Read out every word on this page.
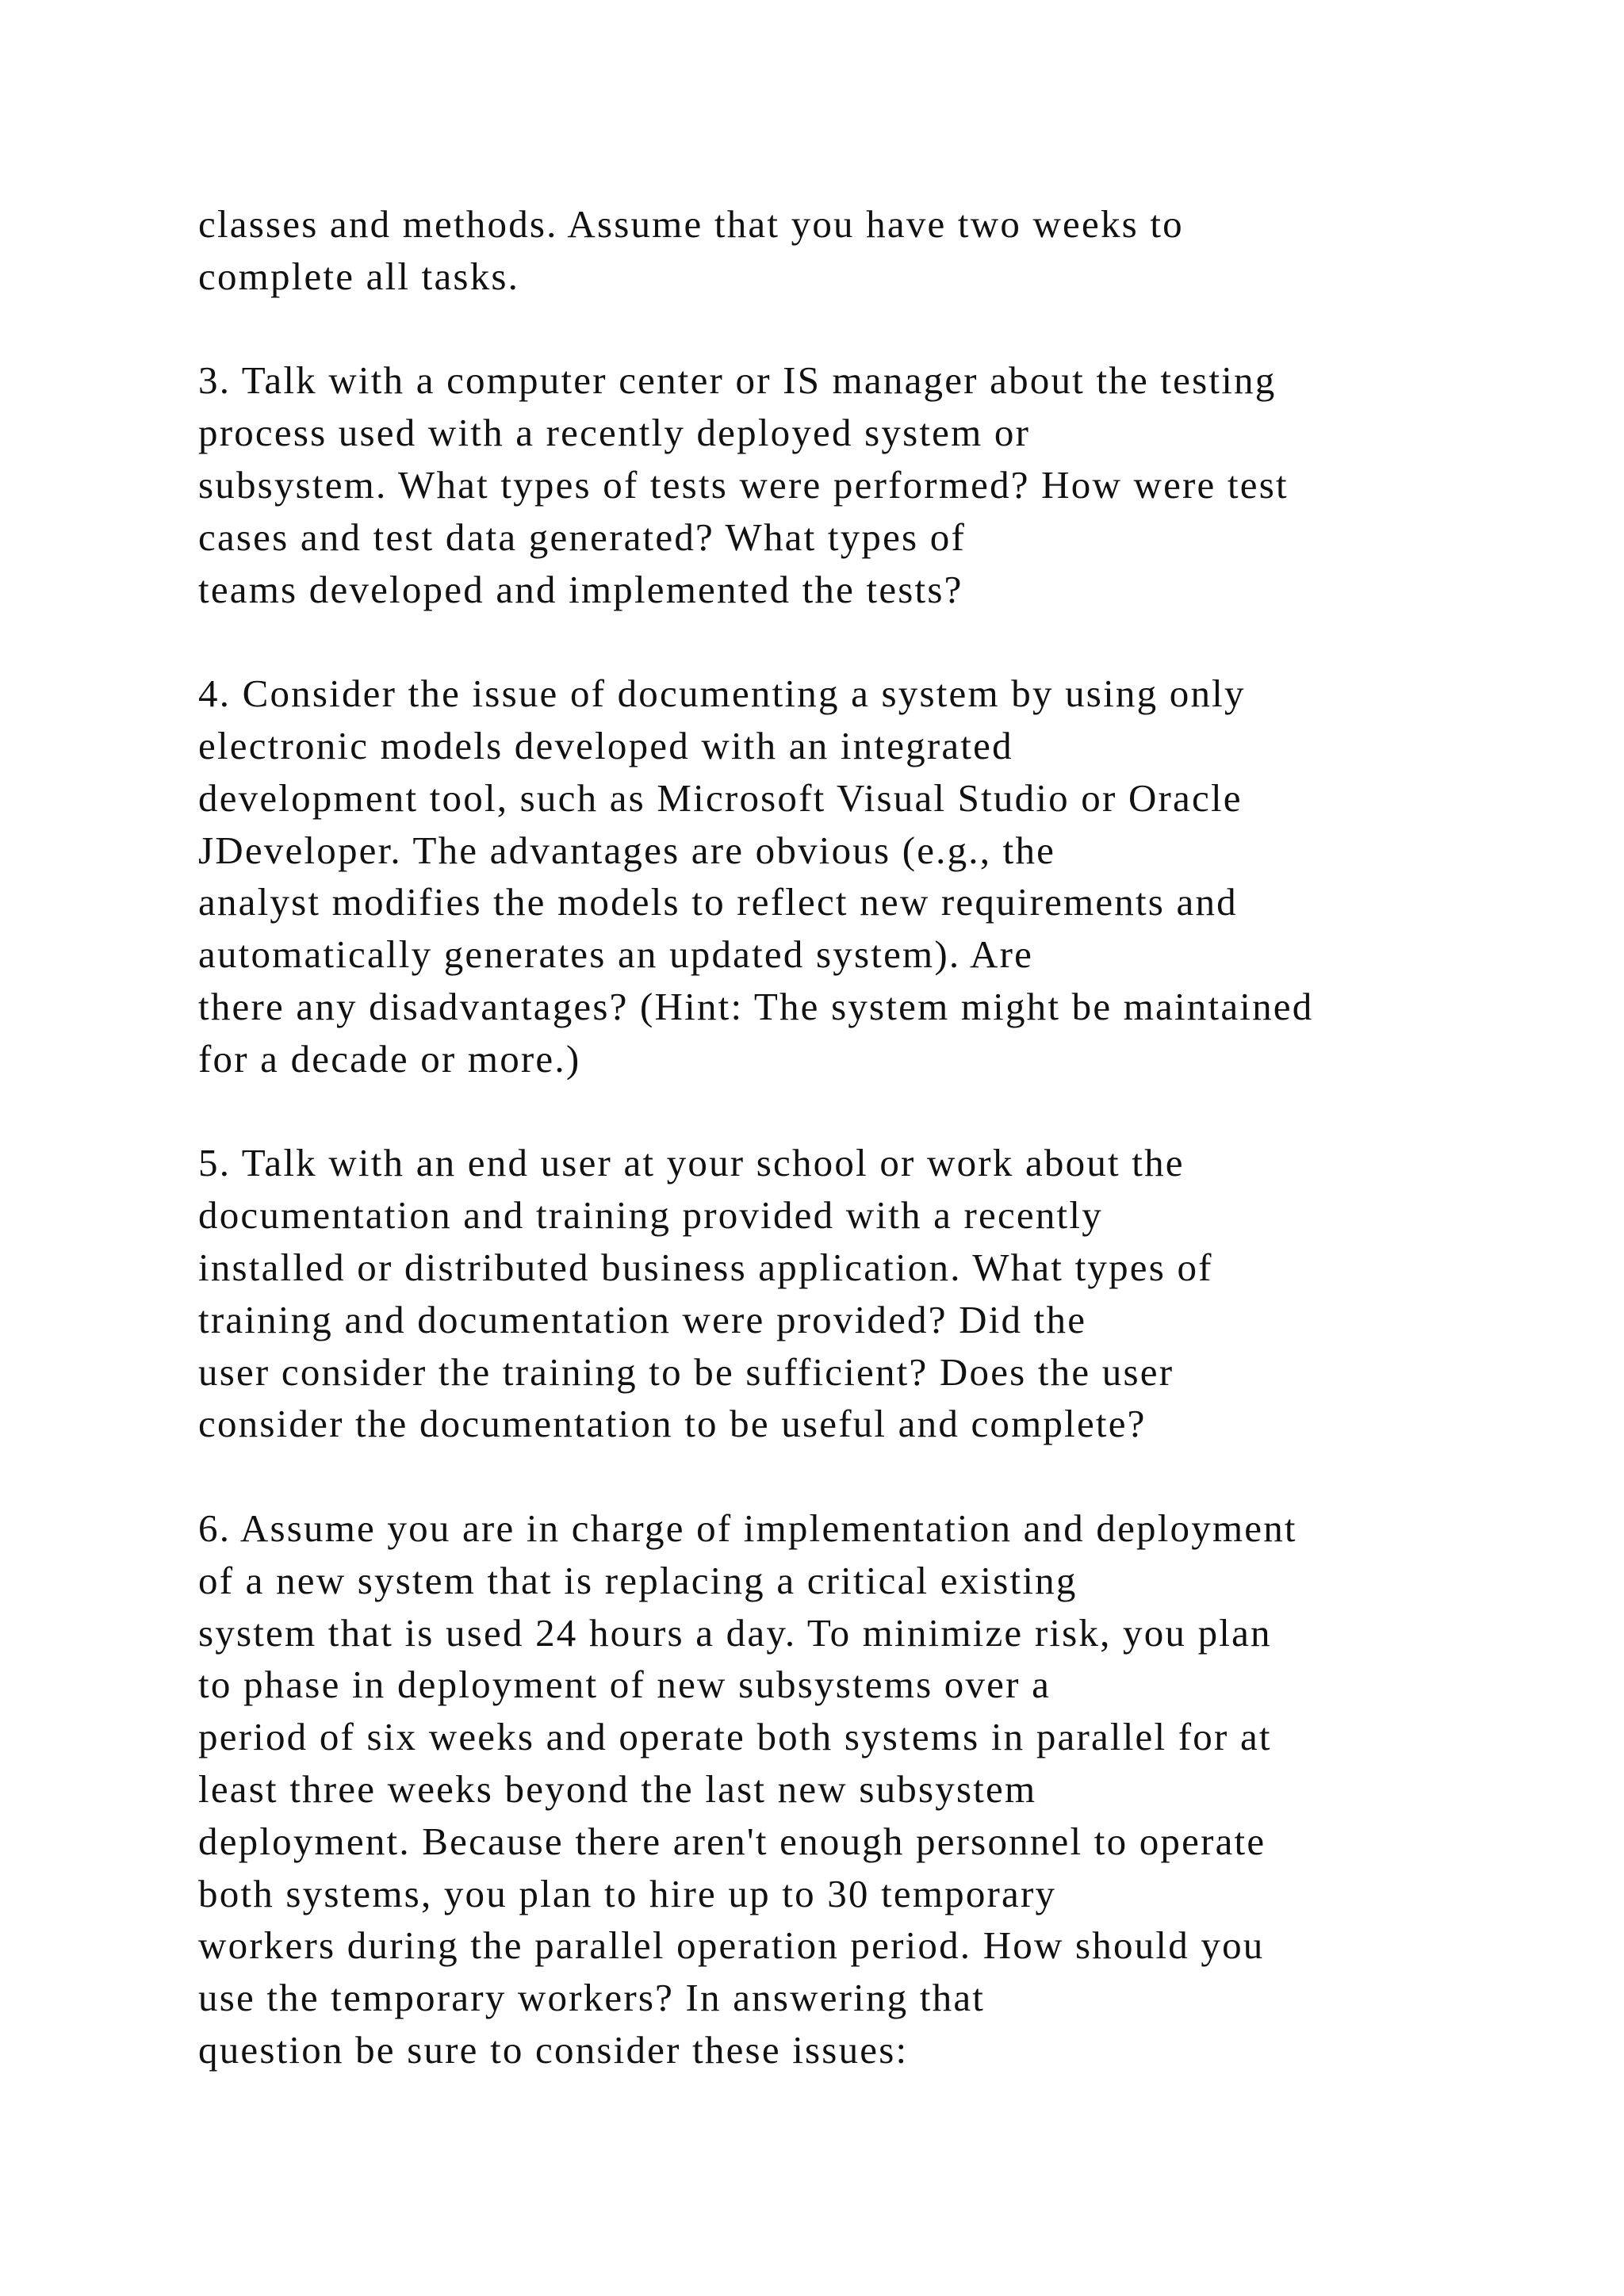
classes and methods. Assume that you have two weeks to
complete all tasks.

3. Talk with a computer center or IS manager about the testing
process used with a recently deployed system or
subsystem. What types of tests were performed? How were test
cases and test data generated? What types of
teams developed and implemented the tests?

4. Consider the issue of documenting a system by using only
electronic models developed with an integrated
development tool, such as Microsoft Visual Studio or Oracle
JDeveloper. The advantages are obvious (e.g., the
analyst modifies the models to reflect new requirements and
automatically generates an updated system). Are
there any disadvantages? (Hint: The system might be maintained
for a decade or more.)

5. Talk with an end user at your school or work about the
documentation and training provided with a recently
installed or distributed business application. What types of
training and documentation were provided? Did the
user consider the training to be sufficient? Does the user
consider the documentation to be useful and complete?

6. Assume you are in charge of implementation and deployment
of a new system that is replacing a critical existing
system that is used 24 hours a day. To minimize risk, you plan
to phase in deployment of new subsystems over a
period of six weeks and operate both systems in parallel for at
least three weeks beyond the last new subsystem
deployment. Because there aren't enough personnel to operate
both systems, you plan to hire up to 30 temporary
workers during the parallel operation period. How should you
use the temporary workers? In answering that
question be sure to consider these issues:
